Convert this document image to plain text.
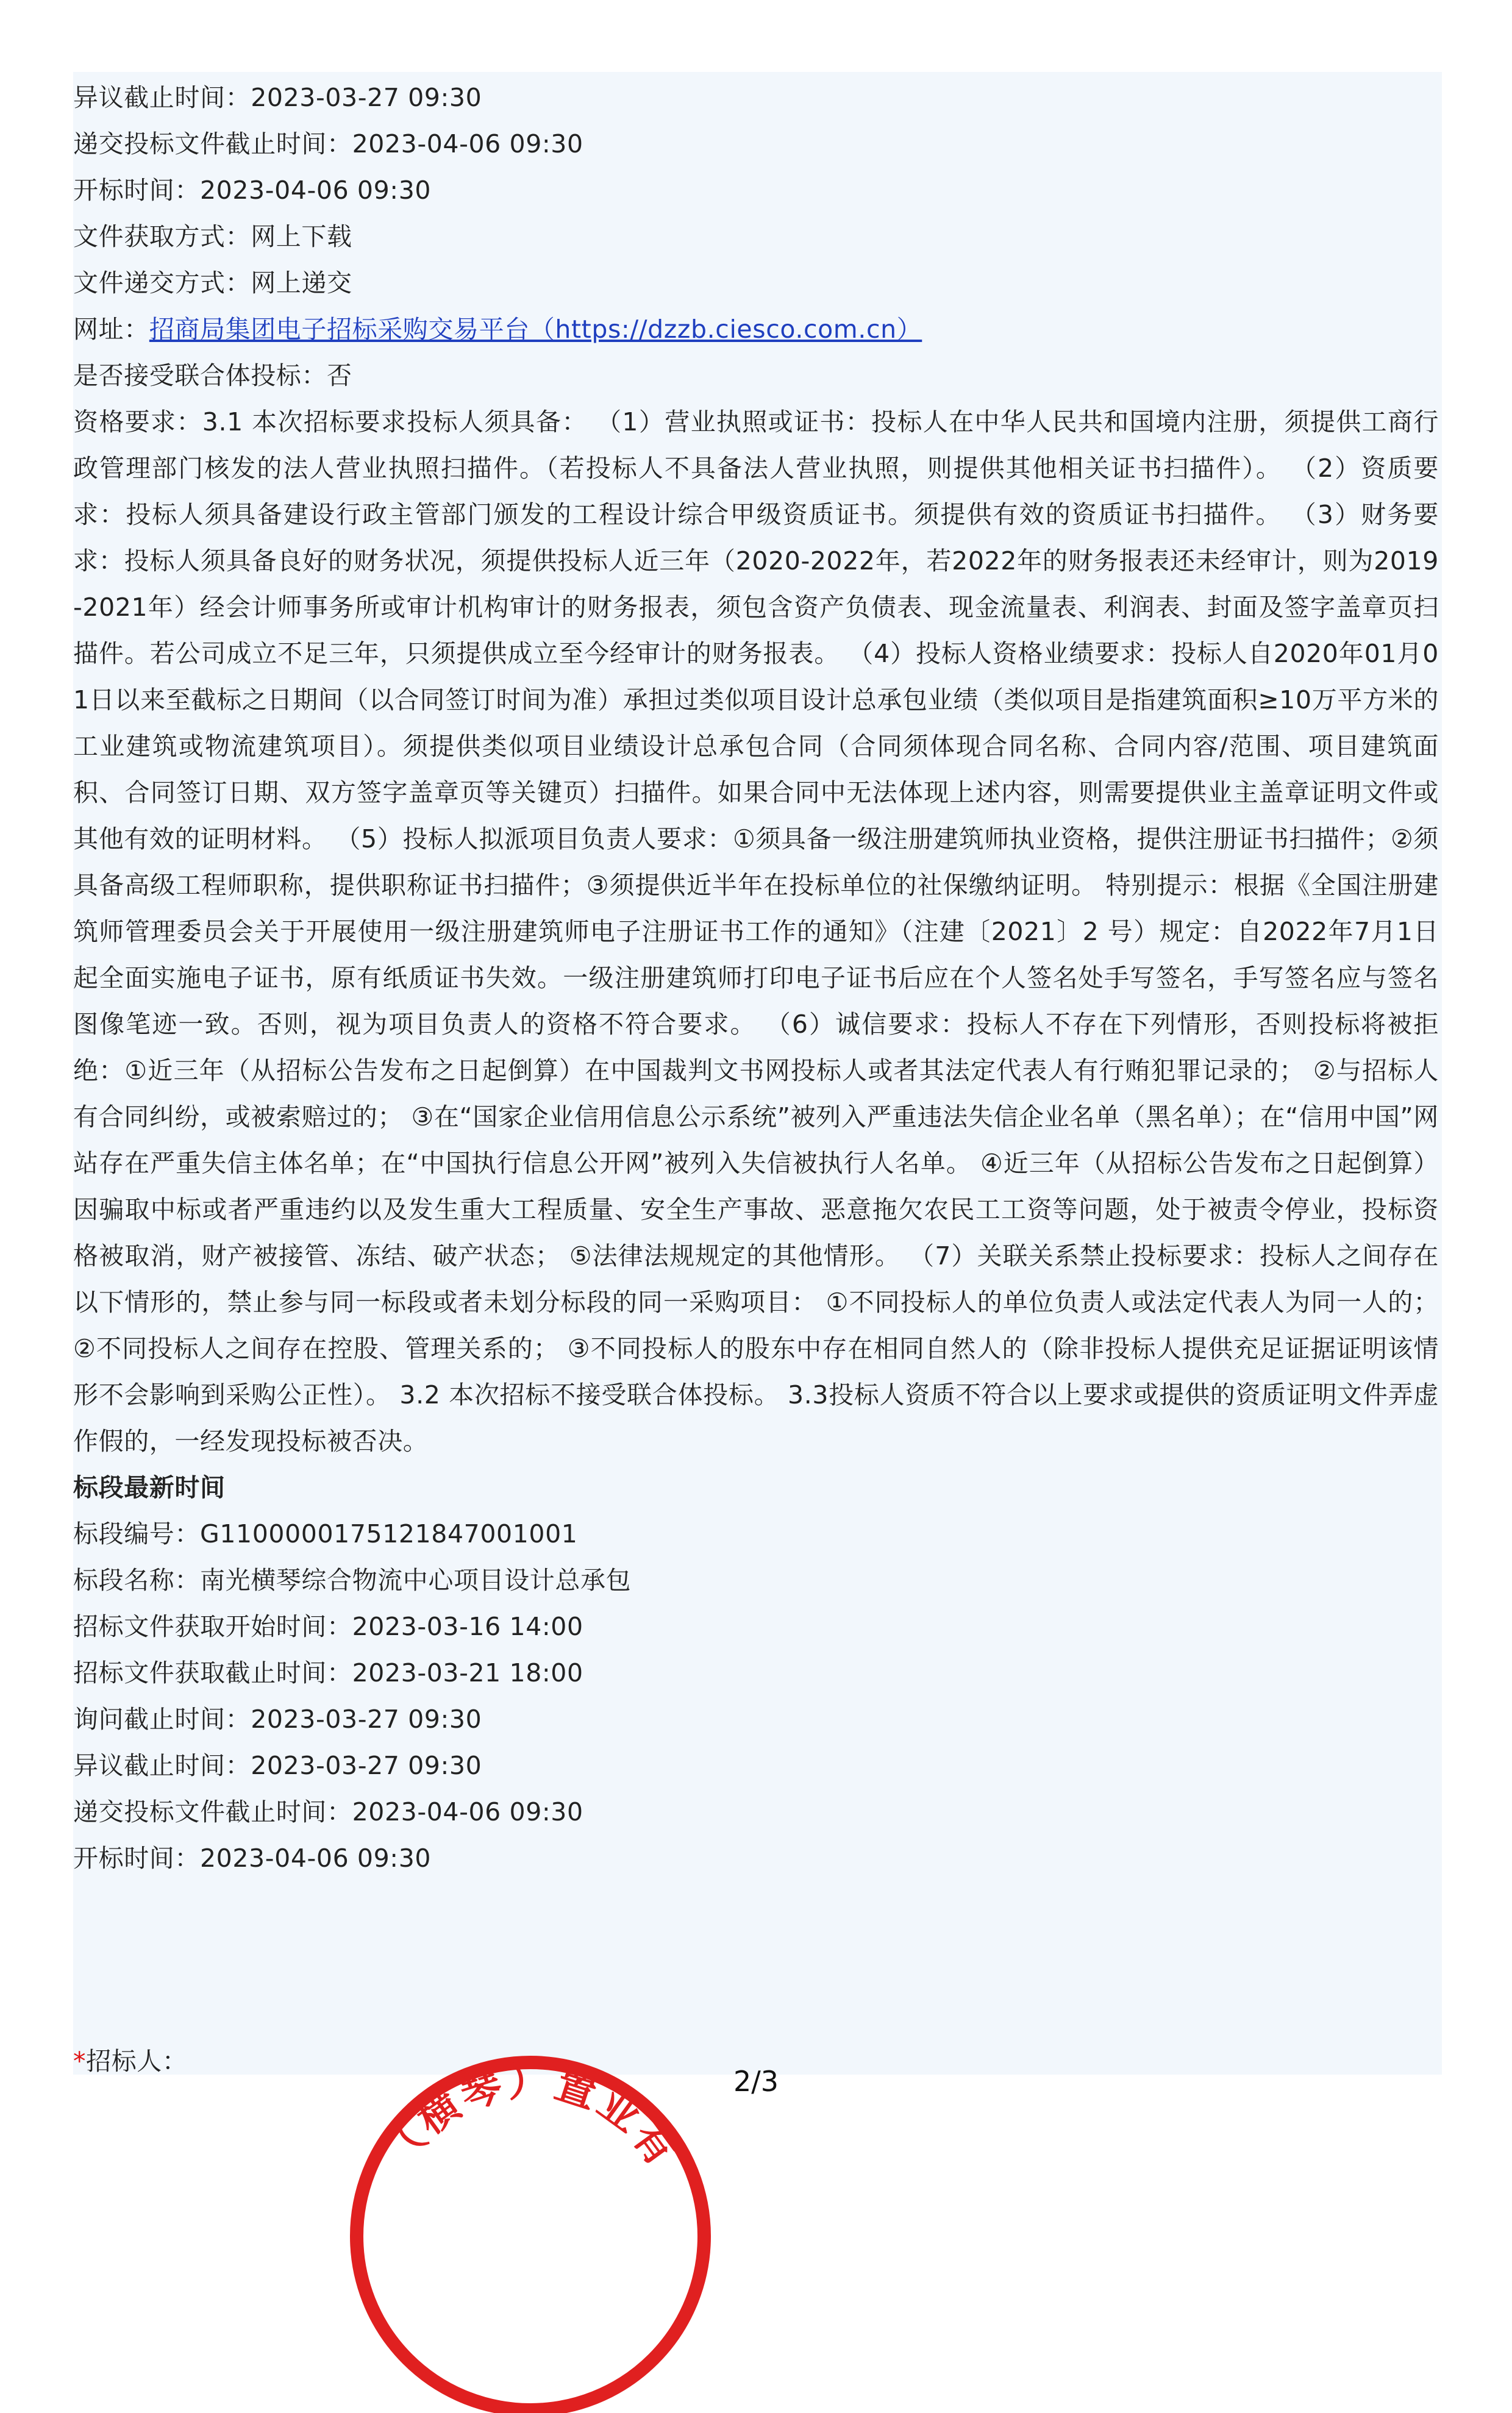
异议截止时间：2023-03-27 09:30
递交投标文件截止时间：2023-04-06 09:30
开标时间：2023-04-06 09:30
文件获取方式：网上下载
文件递交方式：网上递交
网址：招商局集团电子招标采购交易平台（https://dzzb.ciesco.com.cn）
是否接受联合体投标：否
资格要求：3.1 本次招标要求投标人须具备： （1）营业执照或证书：投标人在中华人民共和国境内注册，须提供工商行政管理部门核发的法人营业执照扫描件。（若投标人不具备法人营业执照，则提供其他相关证书扫描件）。 （2）资质要求：投标人须具备建设行政主管部门颁发的工程设计综合甲级资质证书。须提供有效的资质证书扫描件。 （3）财务要求：投标人须具备良好的财务状况，须提供投标人近三年（2020-2022年，若2022年的财务报表还未经审计，则为2019-2021年）经会计师事务所或审计机构审计的财务报表，须包含资产负债表、现金流量表、利润表、封面及签字盖章页扫描件。若公司成立不足三年，只须提供成立至今经审计的财务报表。 （4）投标人资格业绩要求：投标人自2020年01月01日以来至截标之日期间（以合同签订时间为准）承担过类似项目设计总承包业绩（类似项目是指建筑面积≥10万平方米的工业建筑或物流建筑项目）。须提供类似项目业绩设计总承包合同（合同须体现合同名称、合同内容/范围、项目建筑面积、合同签订日期、双方签字盖章页等关键页）扫描件。如果合同中无法体现上述内容，则需要提供业主盖章证明文件或其他有效的证明材料。 （5）投标人拟派项目负责人要求：①须具备一级注册建筑师执业资格，提供注册证书扫描件；②须具备高级工程师职称，提供职称证书扫描件；③须提供近半年在投标单位的社保缴纳证明。 特别提示：根据《全国注册建筑师管理委员会关于开展使用一级注册建筑师电子注册证书工作的通知》（注建〔2021〕2 号）规定：自2022年7月1日起全面实施电子证书，原有纸质证书失效。一级注册建筑师打印电子证书后应在个人签名处手写签名，手写签名应与签名图像笔迹一致。否则，视为项目负责人的资格不符合要求。 （6）诚信要求：投标人不存在下列情形，否则投标将被拒绝：①近三年（从招标公告发布之日起倒算）在中国裁判文书网投标人或者其法定代表人有行贿犯罪记录的； ②与招标人有合同纠纷，或被索赔过的； ③在“国家企业信用信息公示系统”被列入严重违法失信企业名单（黑名单）；在“信用中国”网站存在严重失信主体名单；在“中国执行信息公开网”被列入失信被执行人名单。 ④近三年（从招标公告发布之日起倒算）因骗取中标或者严重违约以及发生重大工程质量、安全生产事故、恶意拖欠农民工工资等问题，处于被责令停业，投标资格被取消，财产被接管、冻结、破产状态； ⑤法律法规规定的其他情形。 （7）关联关系禁止投标要求：投标人之间存在以下情形的，禁止参与同一标段或者未划分标段的同一采购项目： ①不同投标人的单位负责人或法定代表人为同一人的； ②不同投标人之间存在控股、管理关系的； ③不同投标人的股东中存在相同自然人的（除非投标人提供充足证据证明该情形不会影响到采购公正性）。 3.2 本次招标不接受联合体投标。 3.3投标人资质不符合以上要求或提供的资质证明文件弄虚作假的，一经发现投标被否决。
标段最新时间
标段编号：G1100000175121847001001
标段名称：南光横琴综合物流中心项目设计总承包
招标文件获取开始时间：2023-03-16 14:00
招标文件获取截止时间：2023-03-21 18:00
询问截止时间：2023-03-27 09:30
异议截止时间：2023-03-27 09:30
递交投标文件截止时间：2023-04-06 09:30
开标时间：2023-04-06 09:30
（横琴）置业有
*招标人：
2/3
